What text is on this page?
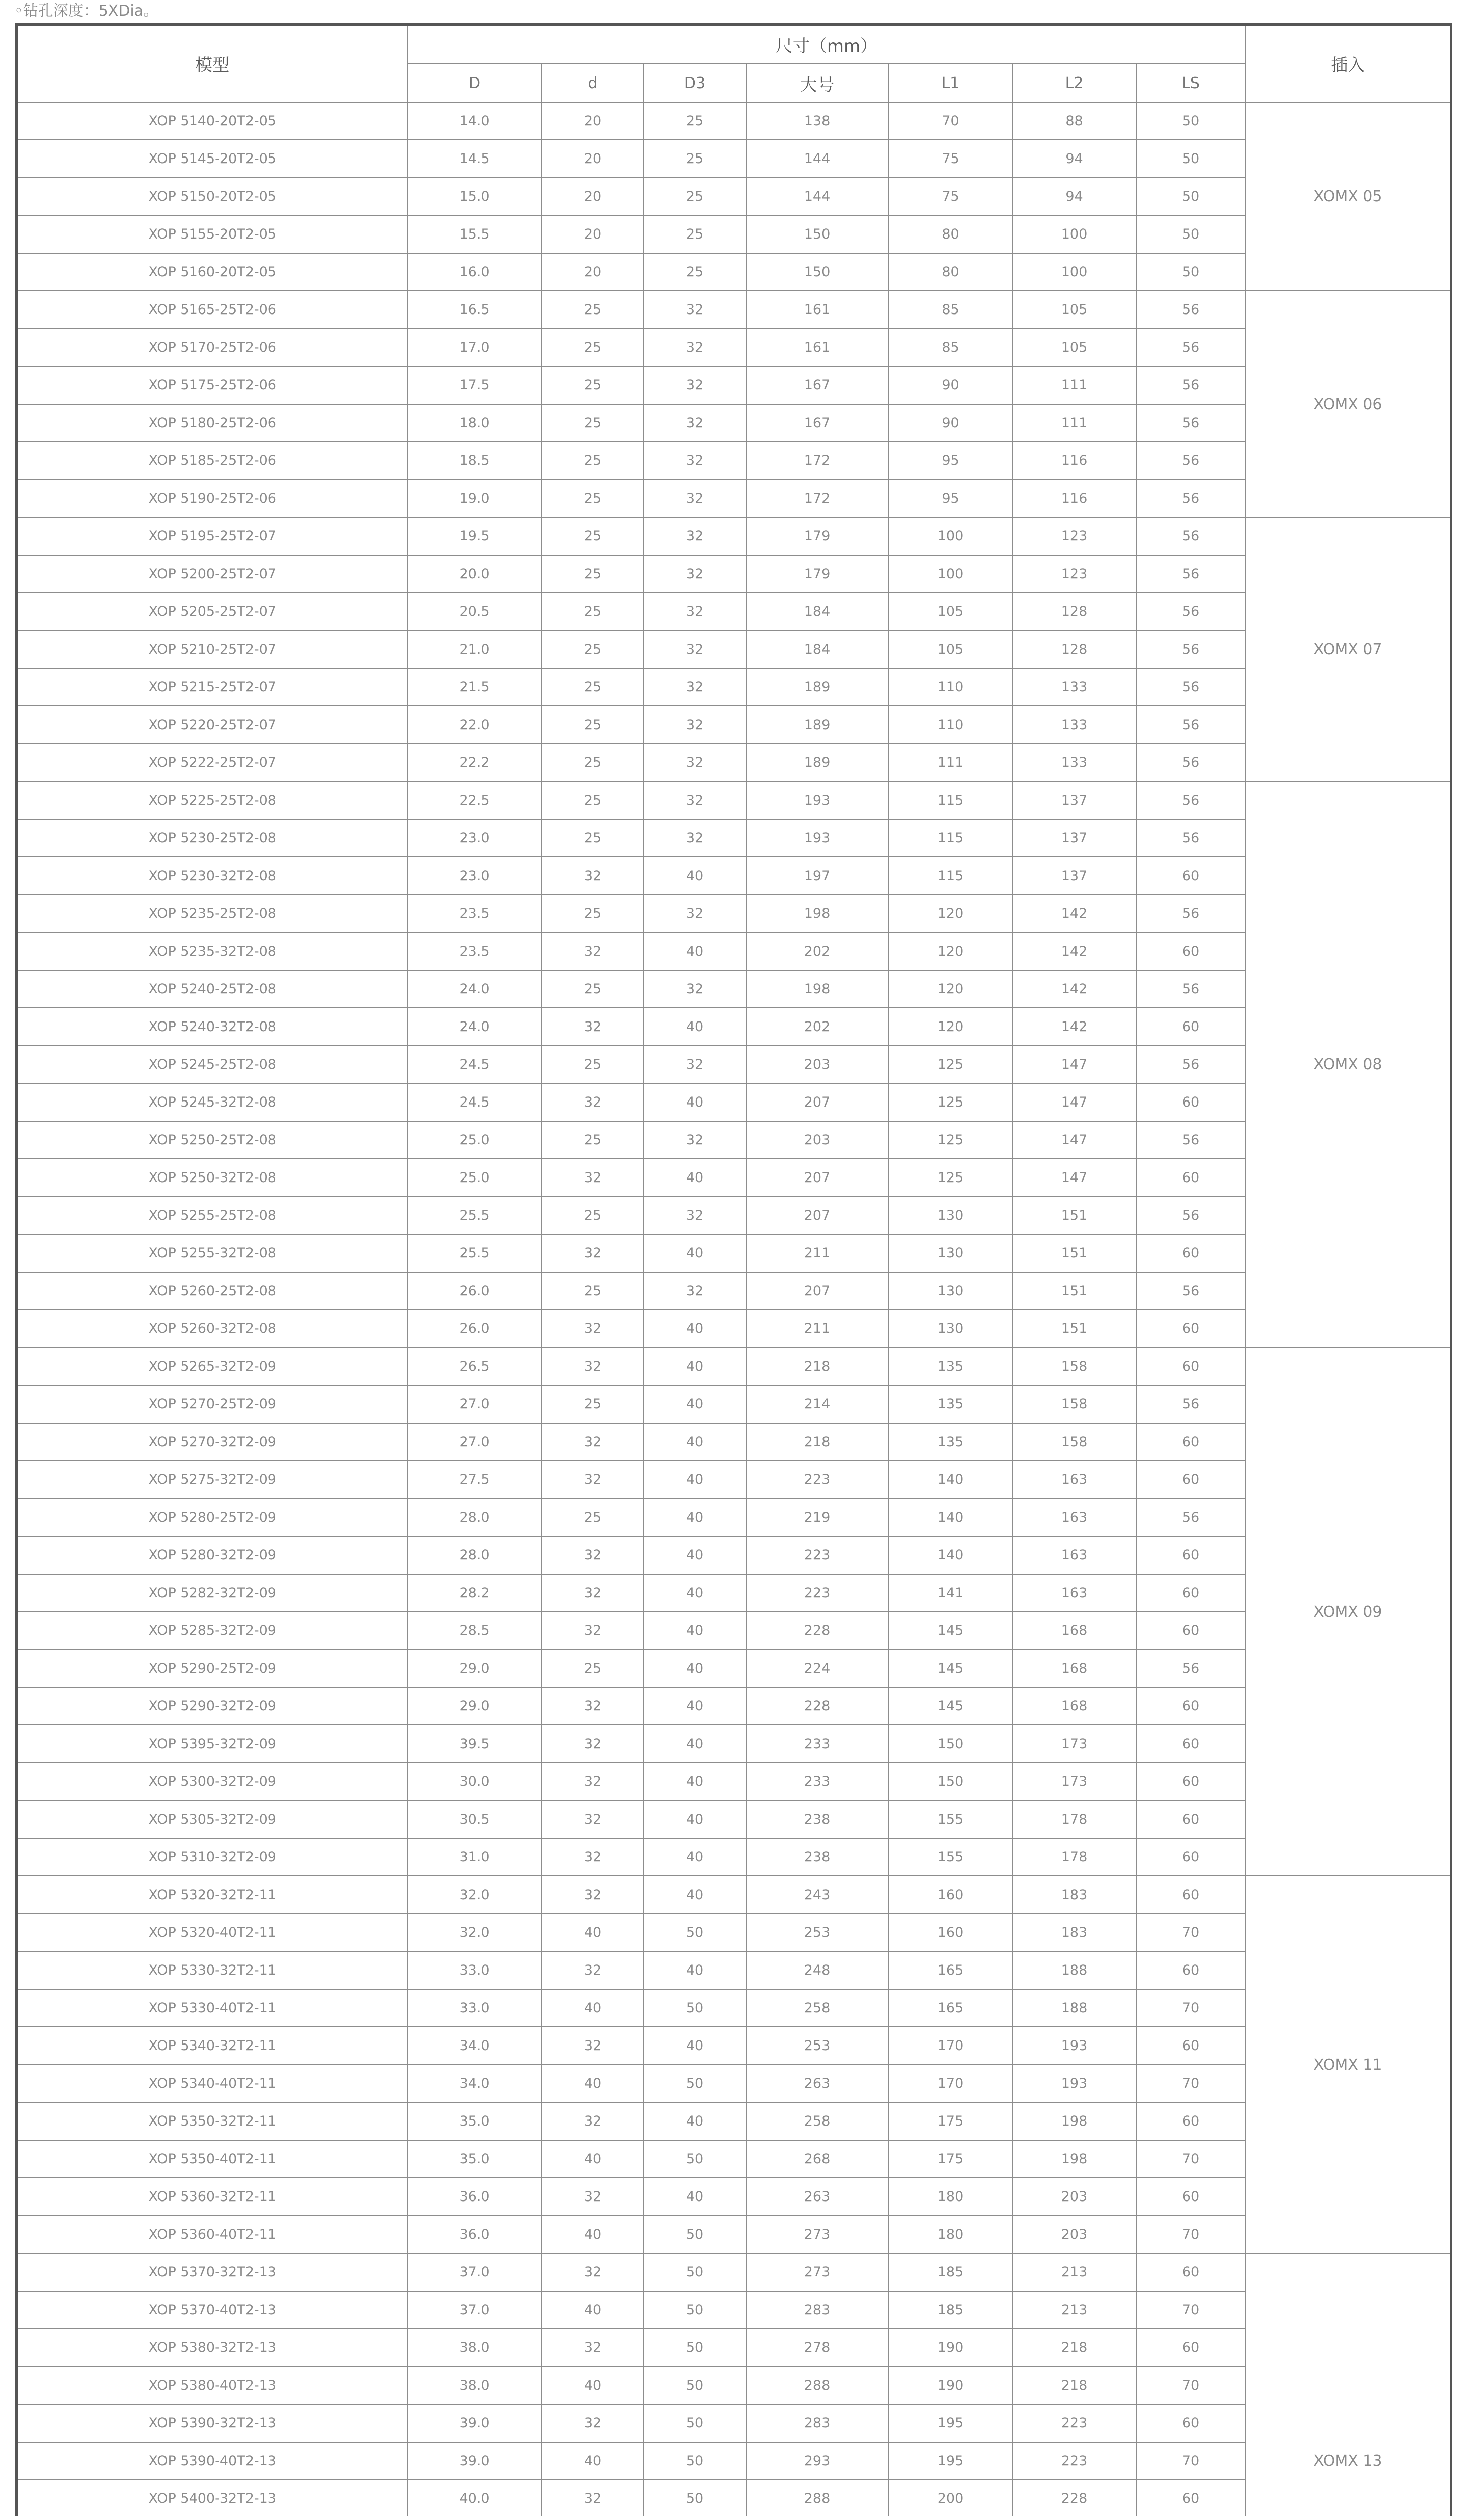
◦钻孔深度：5XDia。
模型	尺寸（mm）							插入
	D	d	D3	大号	L1	L2	LS	
XOP 5140-20T2-05	14.0	20	25	138	70	88	50	XOMX 05
XOP 5145-20T2-05	14.5	20	25	144	75	94	50	
XOP 5150-20T2-05	15.0	20	25	144	75	94	50	
XOP 5155-20T2-05	15.5	20	25	150	80	100	50	
XOP 5160-20T2-05	16.0	20	25	150	80	100	50	
XOP 5165-25T2-06	16.5	25	32	161	85	105	56	XOMX 06
XOP 5170-25T2-06	17.0	25	32	161	85	105	56	
XOP 5175-25T2-06	17.5	25	32	167	90	111	56	
XOP 5180-25T2-06	18.0	25	32	167	90	111	56	
XOP 5185-25T2-06	18.5	25	32	172	95	116	56	
XOP 5190-25T2-06	19.0	25	32	172	95	116	56	
XOP 5195-25T2-07	19.5	25	32	179	100	123	56	XOMX 07
XOP 5200-25T2-07	20.0	25	32	179	100	123	56	
XOP 5205-25T2-07	20.5	25	32	184	105	128	56	
XOP 5210-25T2-07	21.0	25	32	184	105	128	56	
XOP 5215-25T2-07	21.5	25	32	189	110	133	56	
XOP 5220-25T2-07	22.0	25	32	189	110	133	56	
XOP 5222-25T2-07	22.2	25	32	189	111	133	56	
XOP 5225-25T2-08	22.5	25	32	193	115	137	56	XOMX 08
XOP 5230-25T2-08	23.0	25	32	193	115	137	56	
XOP 5230-32T2-08	23.0	32	40	197	115	137	60	
XOP 5235-25T2-08	23.5	25	32	198	120	142	56	
XOP 5235-32T2-08	23.5	32	40	202	120	142	60	
XOP 5240-25T2-08	24.0	25	32	198	120	142	56	
XOP 5240-32T2-08	24.0	32	40	202	120	142	60	
XOP 5245-25T2-08	24.5	25	32	203	125	147	56	
XOP 5245-32T2-08	24.5	32	40	207	125	147	60	
XOP 5250-25T2-08	25.0	25	32	203	125	147	56	
XOP 5250-32T2-08	25.0	32	40	207	125	147	60	
XOP 5255-25T2-08	25.5	25	32	207	130	151	56	
XOP 5255-32T2-08	25.5	32	40	211	130	151	60	
XOP 5260-25T2-08	26.0	25	32	207	130	151	56	
XOP 5260-32T2-08	26.0	32	40	211	130	151	60	
XOP 5265-32T2-09	26.5	32	40	218	135	158	60	XOMX 09
XOP 5270-25T2-09	27.0	25	40	214	135	158	56	
XOP 5270-32T2-09	27.0	32	40	218	135	158	60	
XOP 5275-32T2-09	27.5	32	40	223	140	163	60	
XOP 5280-25T2-09	28.0	25	40	219	140	163	56	
XOP 5280-32T2-09	28.0	32	40	223	140	163	60	
XOP 5282-32T2-09	28.2	32	40	223	141	163	60	
XOP 5285-32T2-09	28.5	32	40	228	145	168	60	
XOP 5290-25T2-09	29.0	25	40	224	145	168	56	
XOP 5290-32T2-09	29.0	32	40	228	145	168	60	
XOP 5395-32T2-09	39.5	32	40	233	150	173	60	
XOP 5300-32T2-09	30.0	32	40	233	150	173	60	
XOP 5305-32T2-09	30.5	32	40	238	155	178	60	
XOP 5310-32T2-09	31.0	32	40	238	155	178	60	
XOP 5320-32T2-11	32.0	32	40	243	160	183	60	XOMX 11
XOP 5320-40T2-11	32.0	40	50	253	160	183	70	
XOP 5330-32T2-11	33.0	32	40	248	165	188	60	
XOP 5330-40T2-11	33.0	40	50	258	165	188	70	
XOP 5340-32T2-11	34.0	32	40	253	170	193	60	
XOP 5340-40T2-11	34.0	40	50	263	170	193	70	
XOP 5350-32T2-11	35.0	32	40	258	175	198	60	
XOP 5350-40T2-11	35.0	40	50	268	175	198	70	
XOP 5360-32T2-11	36.0	32	40	263	180	203	60	
XOP 5360-40T2-11	36.0	40	50	273	180	203	70	
XOP 5370-32T2-13	37.0	32	50	273	185	213	60	XOMX 13
XOP 5370-40T2-13	37.0	40	50	283	185	213	70	
XOP 5380-32T2-13	38.0	32	50	278	190	218	60	
XOP 5380-40T2-13	38.0	40	50	288	190	218	70	
XOP 5390-32T2-13	39.0	32	50	283	195	223	60	
XOP 5390-40T2-13	39.0	40	50	293	195	223	70	
XOP 5400-32T2-13	40.0	32	50	288	200	228	60	
